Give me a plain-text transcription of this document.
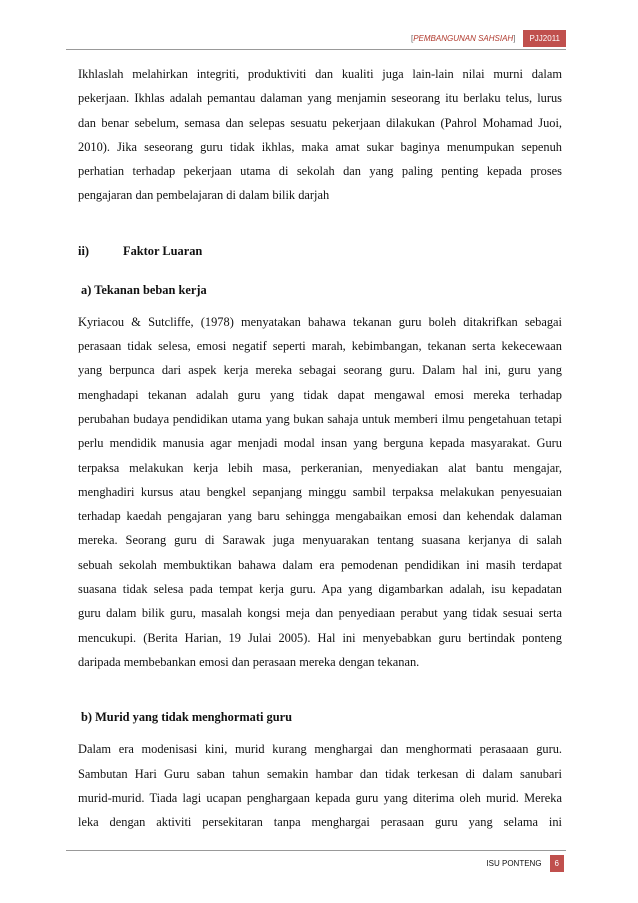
[PEMBANGUNAN SAHSIAH]	PJJ2011
Ikhlaslah melahirkan integriti, produktiviti dan kualiti juga lain-lain nilai murni dalam
pekerjaan. Ikhlas adalah pemantau dalaman yang menjamin seseorang itu berlaku telus, lurus
dan benar sebelum, semasa dan selepas sesuatu pekerjaan dilakukan (Pahrol Mohamad Juoi,
2010). Jika seseorang guru tidak ikhlas, maka amat sukar baginya menumpukan sepenuh
perhatian terhadap pekerjaan utama di sekolah dan yang paling penting kepada proses
pengajaran dan pembelajaran di dalam bilik darjah
ii)	Faktor Luaran
a) Tekanan beban kerja
Kyriacou & Sutcliffe, (1978) menyatakan bahawa tekanan guru boleh ditakrifkan sebagai
perasaan tidak selesa, emosi negatif seperti marah, kebimbangan, tekanan serta kekecewaan
yang berpunca dari aspek kerja mereka sebagai seorang guru. Dalam hal ini, guru yang
menghadapi tekanan adalah guru yang tidak dapat mengawal emosi mereka terhadap
perubahan budaya pendidikan utama yang bukan sahaja untuk memberi ilmu pengetahuan tetapi
perlu mendidik manusia agar menjadi modal insan yang berguna kepada masyarakat. Guru
terpaksa melakukan kerja lebih masa, perkeranian, menyediakan alat bantu mengajar,
menghadiri kursus atau bengkel sepanjang minggu sambil terpaksa melakukan penyesuaian
terhadap kaedah pengajaran yang baru sehingga mengabaikan emosi dan kehendak dalaman
mereka. Seorang guru di Sarawak juga menyuarakan tentang suasana kerjanya di salah
sebuah sekolah membuktikan bahawa dalam era pemodenan pendidikan ini masih terdapat
suasana tidak selesa pada tempat kerja guru. Apa yang digambarkan adalah, isu kepadatan
guru dalam bilik guru, masalah kongsi meja dan penyediaan perabut yang tidak sesuai serta
mencukupi. (Berita Harian, 19 Julai 2005). Hal ini menyebabkan guru bertindak ponteng
daripada membebankan emosi dan perasaan mereka dengan tekanan.
b) Murid yang tidak menghormati guru
Dalam era modenisasi kini, murid kurang menghargai dan menghormati perasaaan guru.
Sambutan Hari Guru saban tahun semakin hambar dan tidak terkesan di dalam sanubari
murid-murid. Tiada lagi ucapan penghargaan kepada guru yang diterima oleh murid. Mereka
leka dengan aktiviti persekitaran tanpa menghargai perasaan guru yang selama ini
ISU PONTENG	6
